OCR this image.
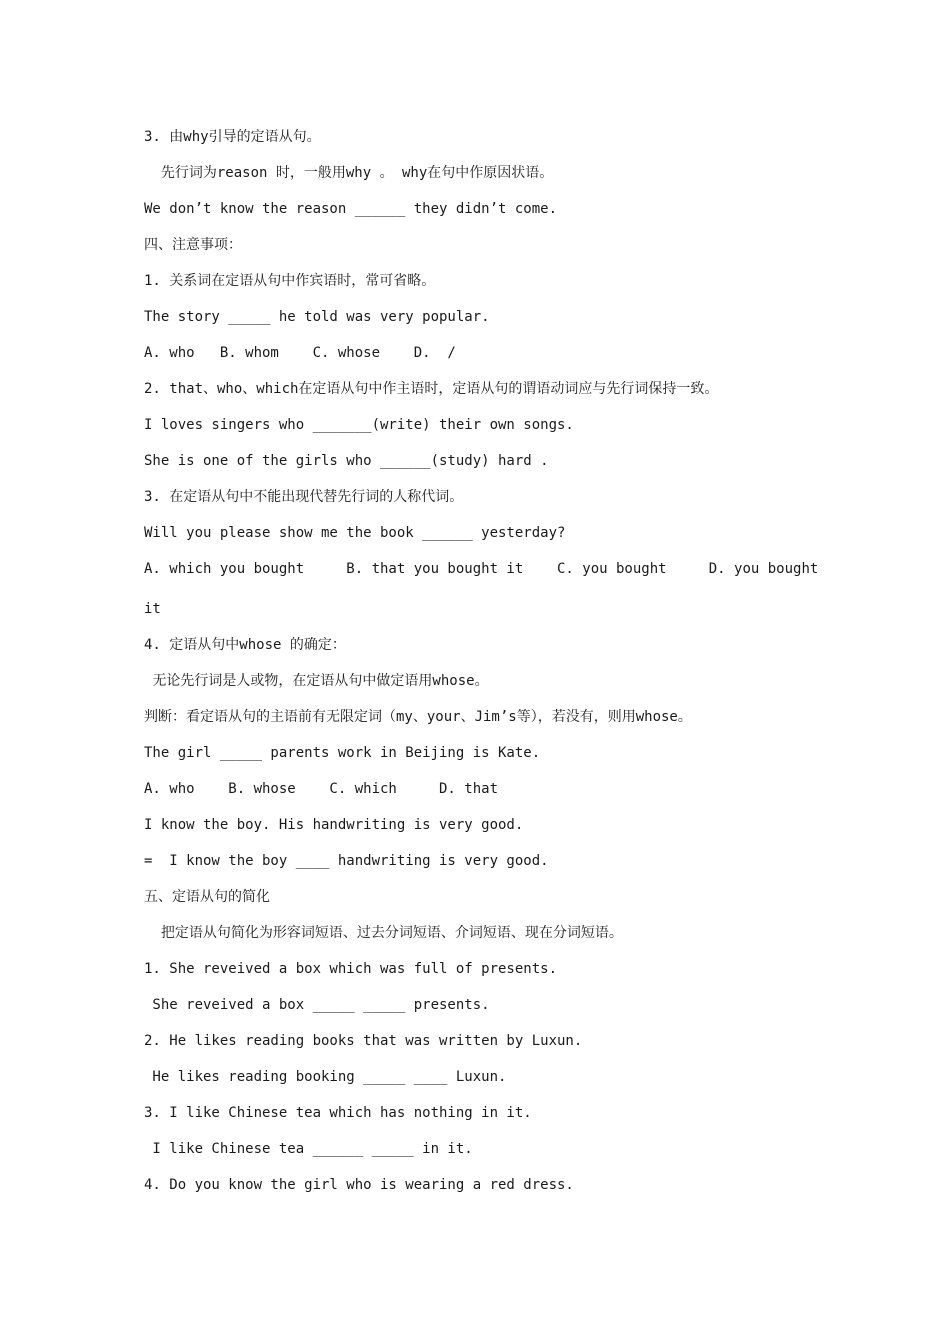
3. 由why引导的定语从句。
先行词为reason 时，一般用why 。 why在句中作原因状语。
We don’t know the reason ______ they didn’t come.
四、注意事项：
1. 关系词在定语从句中作宾语时，常可省略。
The story _____ he told was very popular.
A. who   B. whom    C. whose    D.  /
2. that、who、which在定语从句中作主语时，定语从句的谓语动词应与先行词保持一致。
I loves singers who _______(write) their own songs.
She is one of the girls who ______(study) hard .
3. 在定语从句中不能出现代替先行词的人称代词。
Will you please show me the book ______ yesterday?
A. which you bought     B. that you bought it    C. you bought     D. you bought
it
4. 定语从句中whose 的确定：
无论先行词是人或物，在定语从句中做定语用whose。
判断：看定语从句的主语前有无限定词（my、your、Jim’s等），若没有，则用whose。
The girl _____ parents work in Beijing is Kate.
A. who    B. whose    C. which     D. that
I know the boy. His handwriting is very good.
=  I know the boy ____ handwriting is very good.
五、定语从句的简化
把定语从句简化为形容词短语、过去分词短语、介词短语、现在分词短语。
1. She reveived a box which was full of presents.
She reveived a box _____ _____ presents.
2. He likes reading books that was written by Luxun.
He likes reading booking _____ ____ Luxun.
3. I like Chinese tea which has nothing in it.
I like Chinese tea ______ _____ in it.
4. Do you know the girl who is wearing a red dress.
